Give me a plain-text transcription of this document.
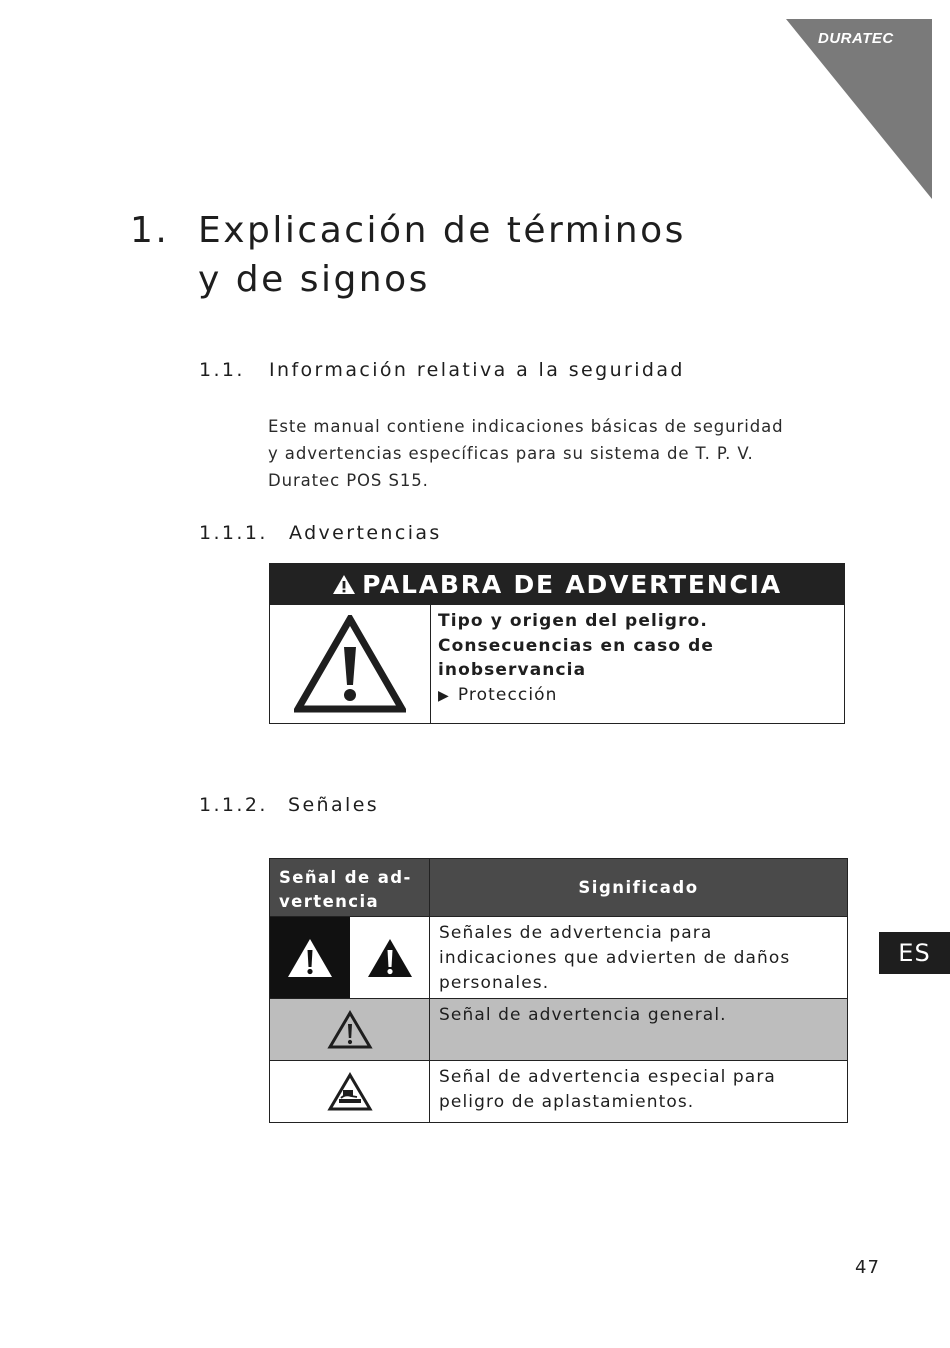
DURATEC
1. Explicación de términos
y de signos
1.1. Información relativa a la seguridad
Este manual contiene indicaciones básicas de seguridad
y advertencias específicas para su sistema de T. P. V.
Duratec POS S15.
1.1.1. Advertencias
PALABRA DE ADVERTENCIA
Tipo y origen del peligro.
Consecuencias en caso de
inobservancia
▶ Protección
1.1.2. Señales
Señal de ad-
vertencia
Significado
Señales de advertencia para
indicaciones que advierten de daños
personales.
Señal de advertencia general.
Señal de advertencia especial para
peligro de aplastamientos.
ES
47
